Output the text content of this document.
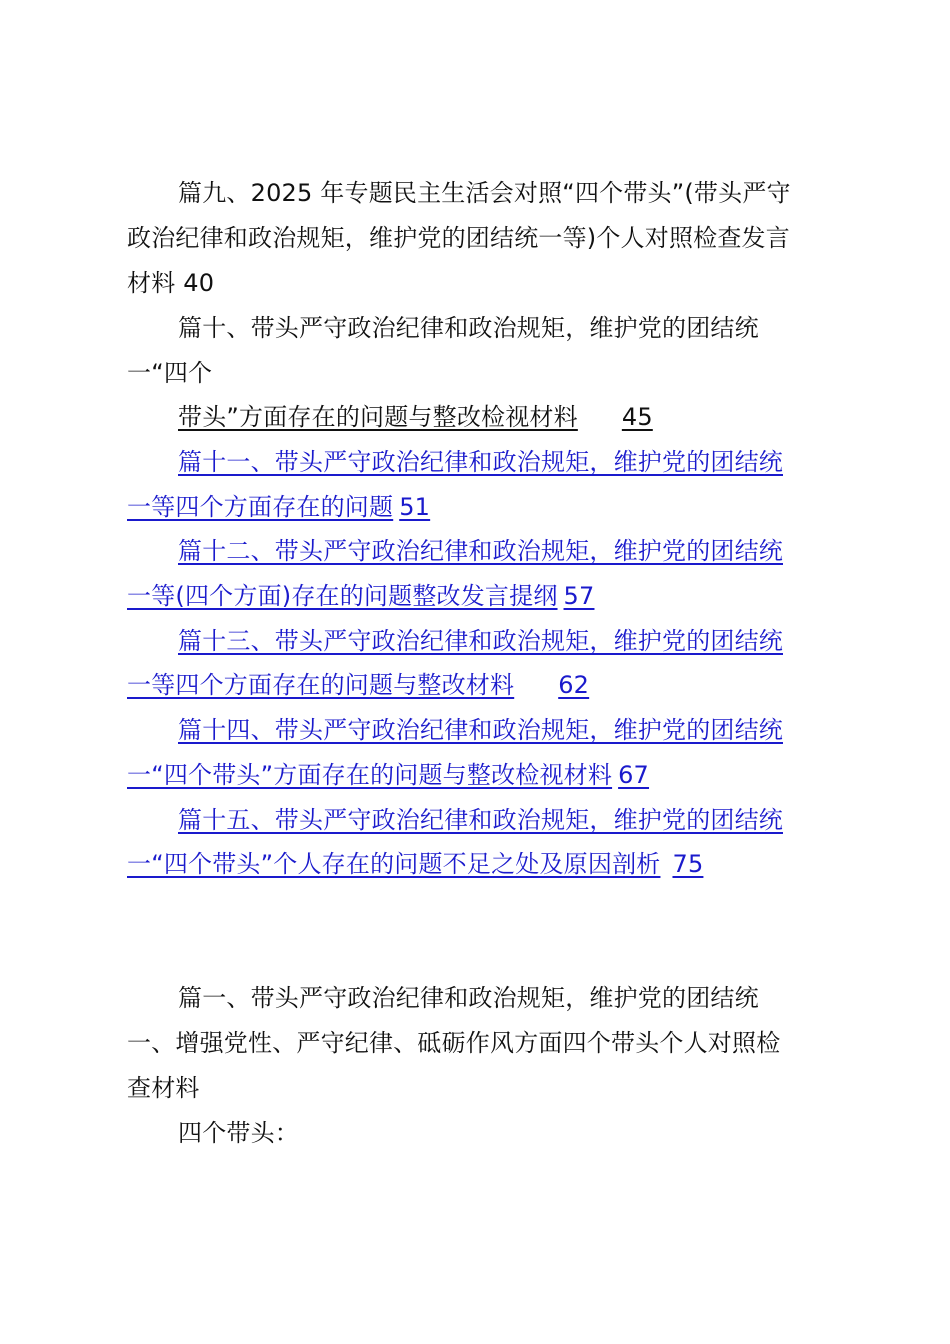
篇九、2025 年专题民主生活会对照“四个带头”(带头严守
政治纪律和政治规矩，维护党的团结统一等)个人对照检查发言
材料 40
篇十、带头严守政治纪律和政治规矩，维护党的团结统
一“四个
带头”方面存在的问题与整改检视材料 45
篇十一、带头严守政治纪律和政治规矩，维护党的团结统
一等四个方面存在的问题 51
篇十二、带头严守政治纪律和政治规矩，维护党的团结统
一等(四个方面)存在的问题整改发言提纲 57
篇十三、带头严守政治纪律和政治规矩，维护党的团结统
一等四个方面存在的问题与整改材料 62
篇十四、带头严守政治纪律和政治规矩，维护党的团结统
一“四个带头”方面存在的问题与整改检视材料 67
篇十五、带头严守政治纪律和政治规矩，维护党的团结统
一“四个带头”个人存在的问题不足之处及原因剖析 75
篇一、带头严守政治纪律和政治规矩，维护党的团结统
一、增强党性、严守纪律、砥砺作风方面四个带头个人对照检
查材料
四个带头：
